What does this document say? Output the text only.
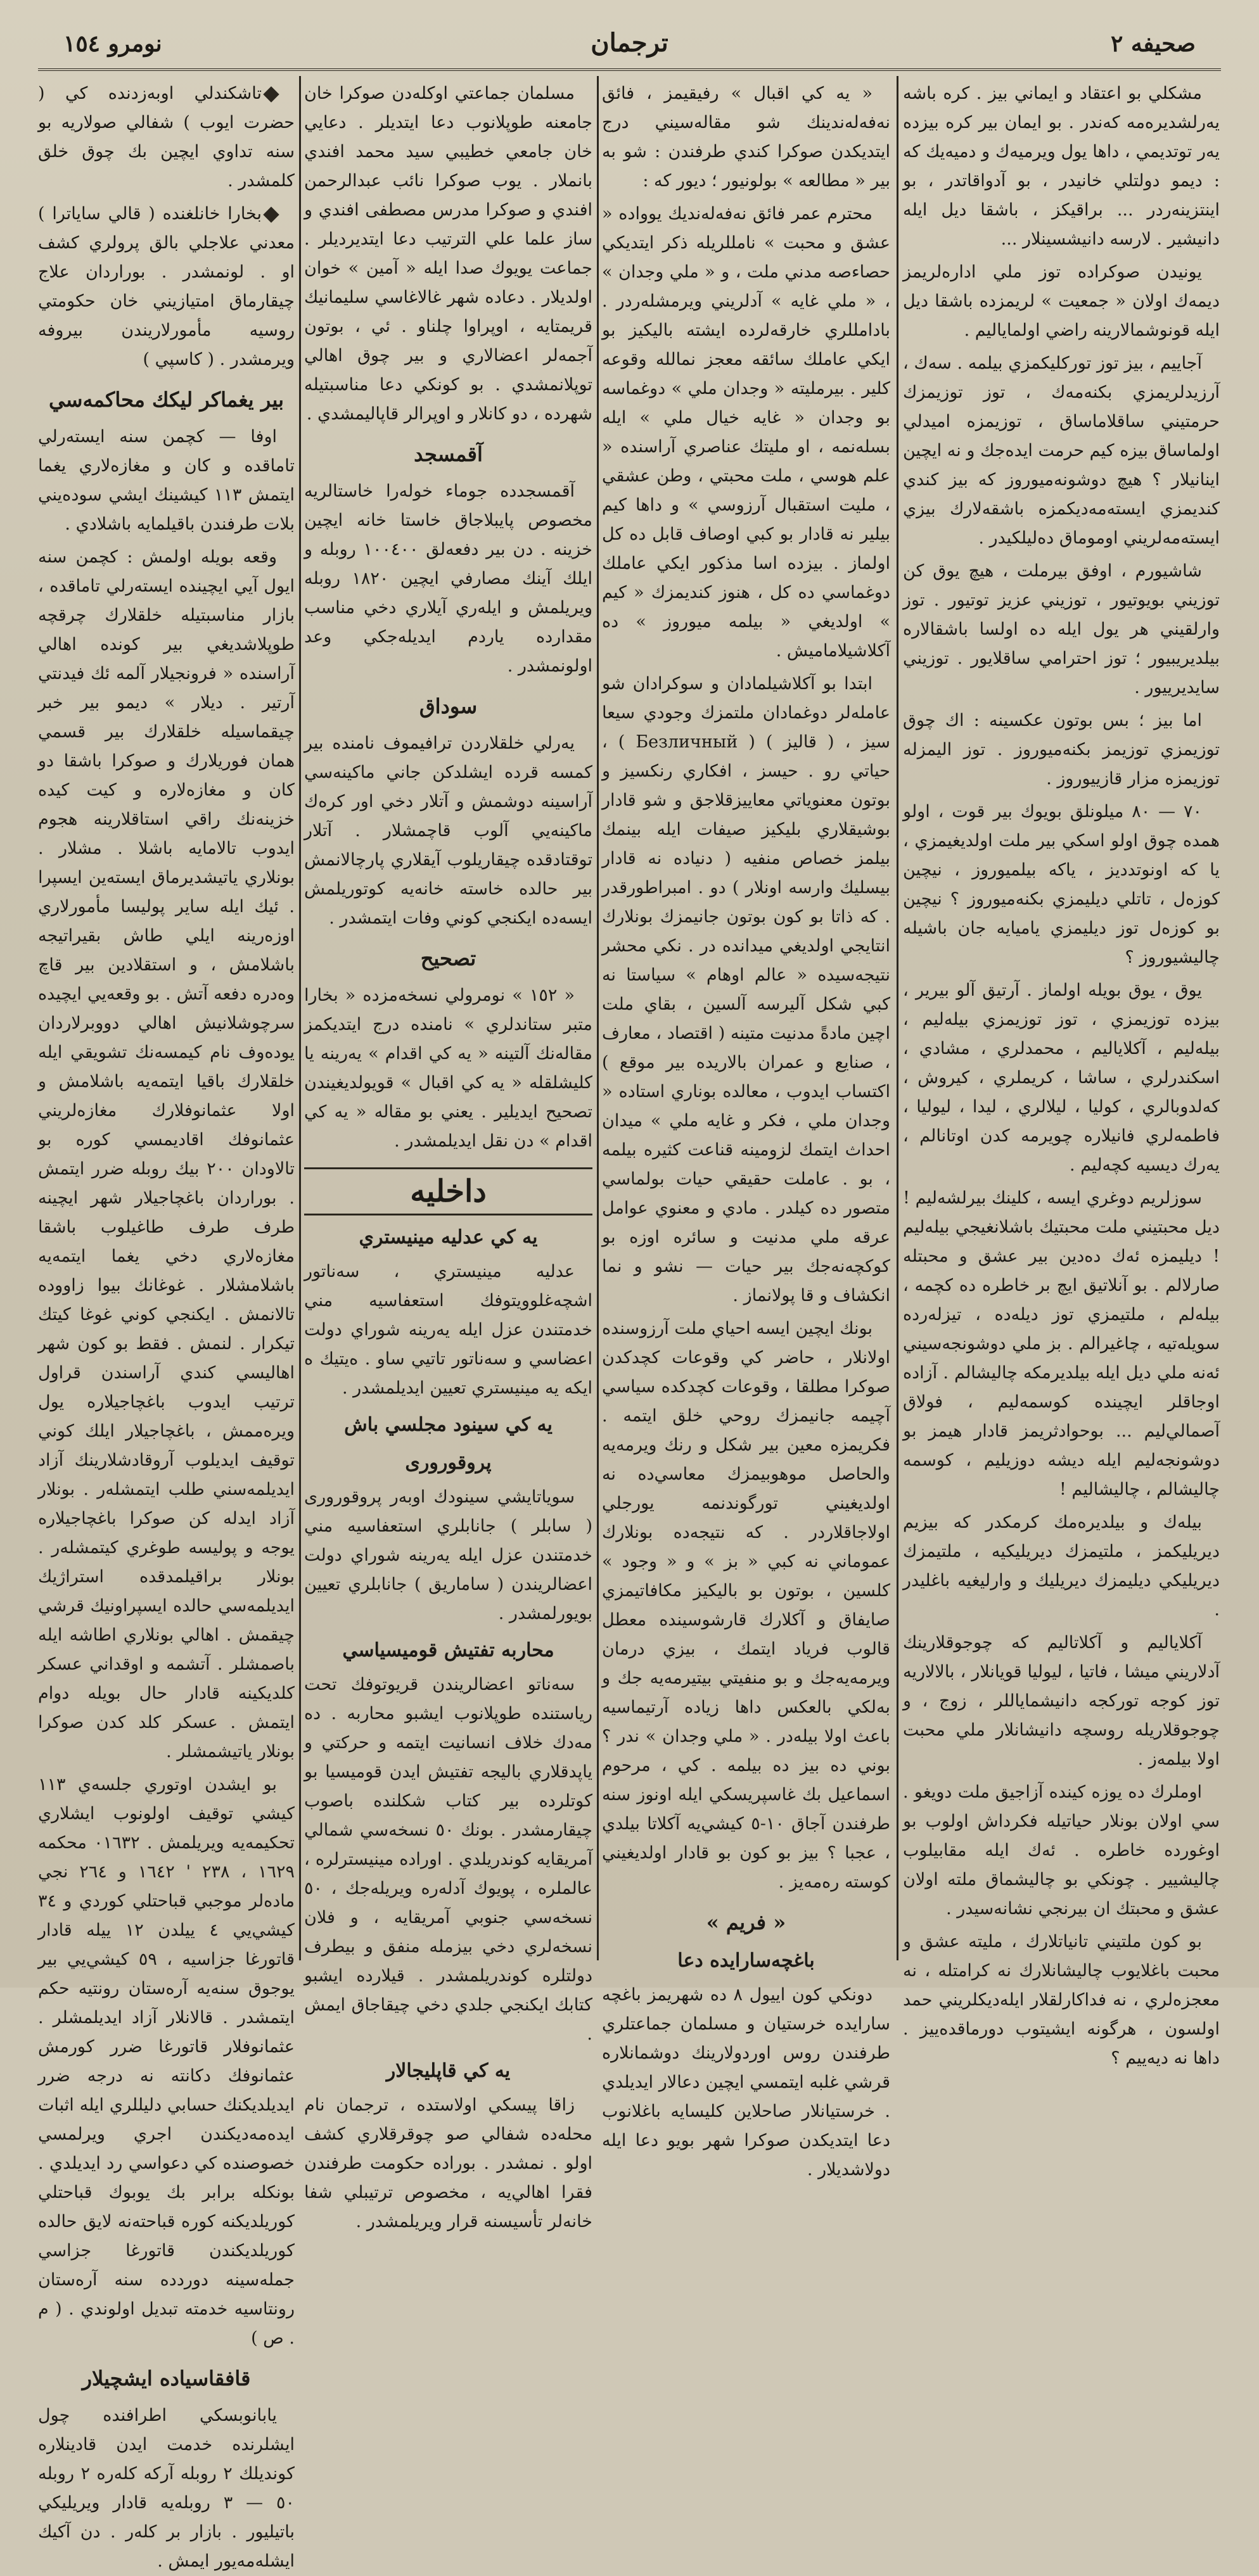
صحيفه ٢
ترجمان
نومرو ١٥٤

مشكلي بو اعتقاد و ايماني بيز . كره باشه يەرلشديرەمه كەندر . بو ايمان بير كره بيزده يەر توتديمي ، داها يول ويرميەك و دميەيك كه : ديمو دولتلي خانيدر ، بو آدواقاتدر ، بو اينتزينەردر ... براقيكز ، باشقا ديل ايله دانيشير . لارسه دانيشسينلار ...

يونيدن صوكراده توز ملي ادارەلريمز ديمەك اولان « جمعيت » لريمزده باشقا ديل ايله قونوشمالارينه راضي اولماياليم .

آجاييم ، بيز توز توركليكمزي بيلمه . سەك ، آرزيدلريمزي بكنەمەك ، توز توزيمزك حرمتيني ساقلاماساق ، توزيمزه اميدلي اولماساق بيزه كيم حرمت ايدەجك و نه ايچين اينانيلار ؟ هيچ دوشونەميوروز كه بيز كندي كنديمزي ايستەمەديكمزه باشقەلارك بيزي ايستەمەلريني اوموماق دەليلكيدر .

شاشيورم ، اوفق بيرملت ، هيچ يوق كن توزيني بويوتيور ، توزيني عزيز توتيور . توز وارلقيني هر يول ايله ده اولسا باشقالاره بيلديريبيور ؛ توز احترامي ساقلايور . توزيني سايديرييور .

اما بيز ؛ بس بوتون عكسينه : اك چوق توزيمزي توزيمز بكنەميوروز . توز اليمزله توزيمزه مزار قازييوروز .

٧٠ — ٨٠ ميلونلق بويوك بير قوت ، اولو همده چوق اولو اسكي بير ملت اولديغيمزي ، يا كه اونوتدديز ، ياكه بيلميوروز ، نيچين كوزەل ، تاتلي ديليمزي بكنەميوروز ؟ نيچين بو كوزەل توز ديليمزي ياميايه جان باشيله چاليشيوروز ؟

يوق ، يوق بويله اولماز . آرتيق آلو بيرير ، بيزده توزيمزي ، توز توزيمزي بيلەليم ، بيلەليم ، آكلاياليم ، محمدلري ، مشادي ، اسكندرلري ، ساشا ، كريملري ، كيروش ، كەلدوبالري ، كوليا ، ليلالري ، ليدا ، ليوليا ، فاطمەلري فانيلاره چويرمه كدن اوتانالم ، يەرك ديسيه كچەليم .

سوزلريم دوغري ايسه ، كلينك بيرلشەليم ! ديل محبتيني ملت محبتيك باشلانغيجي بيلەليم ! ديليمزه ئەك دەدين بير عشق و محبتله صارلالم . بو آنلاتيق ايچ بر خاطره ده كچمه ، بيلەلم ، ملتيمزي توز ديلەده ، تيزلەرده سويلەتيه ، چاغيرالم . بز ملي دوشونجەسيني ئەنه ملي ديل ايله بيلديرمكه چاليشالم . آزاده اوجاقلر ايچينده كوسمەليم ، فولاق آصمالي‌ليم ... بوحوادثريمز قادار هيمز بو دوشونجەليم ايله ديشه دوزيليم ، كوسمه چاليشالم ، چاليشاليم !

بيلەك و بيلديرەمك كرمكدر كه بيزيم ديريليكمز ، ملتيمزك ديريليكيه ، ملتيمزك ديريليكي ديليمزك ديريليك و وارليغيه باغليدر .

آكلاياليم و آكلاتاليم كه چوجوقلارينك آدلاريني ميشا ، فاتيا ، ليوليا قويانلار ، بالالاريه توز كوجه توركجه دانيشماياللر ، زوج ، و چوجوقلاريله روسچه دانيشانلار ملي محبت اولا بيلمەز .

اوملرك ده يوزه كينده آزاجيق ملت دويغو . سي اولان بونلار حياتيله فكرداش اولوب بو اوغورده خاطره . ئەك ايله مقابيلوب چاليشيير . چونكي بو چاليشماق ملته اولان عشق و محبتك ان بيرنجي نشانەسيدر .

بو كون ملتيني تانياتلارك ، مليته عشق و محبت باغلايوب چاليشانلارك نه كرامتله ، نه معجزەلري ، نه فداكارلقلار ايلەديكلريني حمد اولسون ، هرگونه ايشيتوب دورماقدەييز . داها نه ديەييم ؟

« يه كي اقبال » رفيقيمز ، فائق نەفەلەندينك شو مقالەسيني درج ايتديكدن صوكرا كندي طرفندن : شو به بير « مطالعه » بولونيور ؛ ديور كه :

محترم عمر فائق نەفەلەنديك يوواده « عشق و محبت » نامللريله ذكر ايتديكي حصاءصه مدني ملت ، و « ملي وجدان » ، « ملي غايه » آدلريني ويرمشلەردر . بادامللري خارقەلرده ايشته باليكيز بو ايكي عاملك سائقه معجز نمالله وقوعه كلير . بيرمليته « وجدان ملي » دوغماسه بو وجدان « غايه خيال ملي » ايله بسلەنمه ، او مليتك عناصري آراسنده « علم هوسي ، ملت محبتي ، وطن عشقي ، مليت استقبال آرزوسي » و داها كيم بيلير نه قادار بو كبي اوصاف قابل ده كل اولماز . بيزده اسا مذكور ايكي عاملك دوغماسي ده كل ، هنوز كنديمزك « كيم » اولديغي « بيلمه ميوروز » ده آكلاشيلاماميش .

ابتدا بو آكلاشيلمادان و سوكرادان شو عاملەلر دوغمادان ملتمزك وجودي سيعا سيز ، ( قاليز ) ( Безличный ) ، حياتي رو . حيسز ، افكاري رنكسيز و بوتون معنوياتي معاييزقلاجق و شو قادار بوشيقلاري بليكيز صيفات ايله بينمك بيلمز خصاص منفيه ( دنياده نه قادار بيسليك وارسه اونلار ) دو . امبراطورقدر . كه ذاتا بو كون بوتون جانيمزك بونلارك انتايجي اولديغي ميدانده در . نكي محشر نتيجەسيده « عالم اوهام » سياستا نه كبي شكل آليرسه آلسين ، بقاي ملت اچين مادةً مدنيت متينه ( اقتصاد ، معارف ، صنايع و عمران بالاريده بير موقع ) اكتساب ايدوب ، معالده بوناري استاده « وجدان ملي ، فكر و غايه ملي » ميدان احداث ايتمك لزومينه قناعت كثيره بيلمه ، بو . عاملت حقيقي حيات بولماسي متصور ده كيلدر . مادي و معنوي عوامل عرقه ملي مدنيت و سائره اوزه بو كوكچەنەجك بير حيات — نشو و نما انكشاف و قا پولانماز .

بونك ايچين ايسه احياي ملت آرزوسنده اولانلار ، حاضر كي وقوعات كچدكدن صوكرا مطلقا ، وقوعات كچدكده سياسي آچيمه جانيمزك روحي خلق ايتمه . فكريمزه معين بير شكل و رنك ويرمەيه والحاصل موهوبيمزك معاسي‌ده نه اولديغيني تورگوندنمه يورجلي اولاجاقلاردر . كه نتيجەده بونلارك عموماني نه كبي « بز » و « وجود » كلسين ، بوتون بو باليكيز مكافاتيمزي صايفاق و آكلارك قارشوسينده معطل قالوب فرياد ايتمك ، بيزي درمان ويرمەيەجك و بو منفيتي بيتيرمەيه جك و بەلكي بالعكس داها زياده آرتيماسيه باعث اولا بيلەدر . « ملي وجدان » ندر ؟ بوني ده بيز ده بيلمه . كي ، مرحوم اسماعيل بك غاسپريسكي ايله اونوز سنه طرفندن آجاق ١٠-٥ كيشي‌يه آكلاتا بيلدي ، عجبا ؟ بيز بو كون بو قادار اولديغيني كوسته رەمه‌يز .

« فريم »
باغچه‌سارايده دعا

دونكي كون اييول ٨ ده شهريمز باغچه سارايده خرستيان و مسلمان جماعتلري طرفندن روس اوردولارينك دوشمانلارە قرشي غلبه ايتمسي ايچين دعالار ايديلدي . خرستيانلار صاحلاين كليسايه باغلانوب دعا ايتديكدن صوكرا شهر بويو دعا ايله دولاشديلار .

مسلمان جماعتي اوكله‌دن صوكرا خان جامعنه طوپلانوب دعا ايتديلر . دعايي خان جامعي خطيبي سيد محمد افندي بانملار . يوب صوكرا نائب عبدالرحمن افندي و صوكرا مدرس مصطفى افندي و ساز علما علي الترتيب دعا ايتديرديلر . جماعت يويوك صدا ايله « آمين » خوان اولديلار . دعاده شهر غالاغاسي سليمانيك قريمتايه ، اوپراوا چلناو . ئي ، بوتون آجمەلر اعضالاري و بير چوق اهالي توپلانمشدي . بو كونكي دعا مناسبتيله شهرده ، دو كانلار و اوپرالر قاپاليمشدي .

آقمسجد

آقمسجدده جوماء خولەرا خاستالريه مخصوص پايبلاجاق خاستا خانه ايچين خزينه . دن بير دفعەلق ١٠٠٤٠٠ روبله و ايلك آينك مصارفي ايچين ١٨٢٠ روبله ويريلمش و ايلەري آيلاري دخي مناسب مقدارده ياردم ايديلەجكي وعد اولونمشدر .

سوداق

يەرلي خلقلاردن ترافيموف نامنده بير كمسه قرده ايشلدكن جاني ماكينه‌سي آراسينه دوشمش و آتلار دخي اور كرەك ماكينه‌يي آلوب قاچمشلار . آتلار توقتادقده چيقاريلوب آيقلاري پارچالانمش بير حالده خاسته خانه‌يه كوتوريلمش ايسه‌ده ايكنجي كوني وفات ايتمشدر .

تصحيح

« ١٥٢ » نومرولي نسخه‌مزده « بخارا متبر ستاندلري » نامنده درج ايتديكمز مقاله‌نك آلتينه « يه كي اقدام » يەرينه يا كليشلقله « يه كي اقبال » قويولديغيندن تصحيح ايديلير . يعني بو مقاله « يه كي اقدام » دن نقل ايديلمشدر .

داخليه
يه كي عدليه مينيستري

عدليه مينيستري ، سەناتور اشچەغلوويتوفك استعفاسيه مني خدمتندن عزل ايله يەرينه شوراي دولت اعضاسي و سەناتور تاتيي ساو . ه‌يتيك ه ايكه يە مينيستري تعيين ايديلمشدر .

يه كي سينود مجلسي باش
پروقورورى

سوياتايشي سينودك اوبەر پروقورورى ( سابلر ) جانابلري استعفاسيه مني خدمتندن عزل ايله يەرينه شوراي دولت اعضالريندن ( ساماريق ) جانابلري تعيين بويورلمشدر .

محاربه تفتيش قوميسياسي

سەناتو اعضالريندن قريوتوفك تحت رياستنده طوپلانوب ايشبو محاربه . ده مەدك خلاف انسانيت ايتمه و حركتي و ياپدقلاري باليجه تفتيش ايدن قوميسيا بو كوتلرده بير كتاب شكلنده باصوب چيقارمشدر . بونك ٥٠ نسخه‌سي شمالي آمريقايه كوندريلدي . اوراده مينيسترلره ، عالملره ، پويوك آدلەره ويريلەجك ، ٥٠ نسخه‌سي جنوبي آمريقايه ، و فلان نسخه‌لري دخي بيزمله منفق و بيطرف دولتلره كوندريلمشدر . قيلارده ايشبو كتابك ايكنجي جلدي دخي چيقاجاق ايمش .

يه كي قاپليجالار

زاقا پيسكي اولاستده ، ترجمان نام محله‌ده شفالي صو چوقرقلاري كشف اولو . نمشدر . بوراده حكومت طرفندن فقرا اهالي‌يه ، مخصوص ترتيبلي شفا خانه‌لر تأسيسنه قرار ويريلمشدر .

تاشكندلي اوبەزدنده كي ( حضرت ايوب ) شفالي صولاريه بو سنه تداوي ايچين بك چوق خلق كلمشدر .

بخارا خانلغنده ( قالي ساياترا ) معدني علاجلي بالق پرولري كشف او . لونمشدر . بوراردان علاج چيقارماق امتيازيني خان حكومتي روسيه مأمورلاريندن بيروفه ويرمشدر . ( كاسپي )

بير يغماكر ليكك محاكمه‌سي

اوفا — كچمن سنه ايستەرلي تاماقده و كان و مغازەلاري يغما ايتمش ١١٣ كيشينك ايشي سودەيني بلات طرفندن باقيلمايه باشلادي .

وقعه بويله اولمش : كچمن سنه ايول آيي ايچينده ايستەرلي تاماقده ، بازار مناسبتيله خلقلارك چرقچه طوپلاشديغي بير كونده اهالي آراسنده « فرونجيلار آلمه ئك فيدنتي آرتير . ديلار » ديمو بير خبر چيقماسيله خلقلارك بير قسمي همان فوريلارك و صوكرا باشقا دو كان و مغازەلاره و كيت كيده خزينه‌نك راقي استاقلارينه هجوم ايدوب تالامايه باشلا . مشلار . بونلاري ياتيشديرماق ايسته‌ين ايسپرا . ئيك ايله ساير پوليسا مأمورلاري اوزەرينه ايلي طاش بقيراتيجه باشلامش ، و استقلادين بير قاچ وەدرە دفعه آتش . بو وقعه‌يي ايچيده سرچوشلانيش اهالي دووبرلاردان يودەوف نام كيمسەنك تشويقي ايله خلقلارك باقيا ايتمه‌يه باشلامش و اولا عثمانوفلارك مغازەلريني عثمانوفك اقاديمسي كورە بو تالاودان ٢٠٠ بيك روبله ضرر ايتمش . بوراردان باغچاجيلار شهر ايچينه طرف طرف طاغيلوب باشقا مغازەلاري دخي يغما ايتمه‌يه باشلامشلار . غوغانك بيوا زاووده تالانمش . ايكنجي كوني غوغا كيتك تيكرار . لنمش . فقط بو كون شهر اهاليسي كندي آراسندن قراول ترتيب ايدوب باغچاجيلاره يول ويرەممش ، باغچاجيلار ايلك كوني توقيف ايديلوب آروقادشلارينك آزاد ايديلمه‌سني طلب ايتمشلەر . بونلار آزاد ايدله كن صوكرا باغچاجيلاره يوجه و پوليسه طوغري كيتمشلەر . بونلار براقيلمدقده استراژيك ايديلمه‌سي حالده ايسپراونيك قرشي چيقمش . اهالي بونلاري اطاشه ايله باصمشلر . آتشمه و اوقداني عسكر كلديكينه قادار حال بويله دوام ايتمش . عسكر كلد كدن صوكرا بونلار ياتيشمشلر .

بو ايشدن اوتوري جلسه‌ي ١١٣ كيشي توقيف اولونوب ايشلاري تحكيمه‌يه ويريلمش . ٠١٦٣٢ محكمه ١٦٢٩ ، ٢٣٨ ' ١٦٤٢ و ٢٦٤ نجي ماده‌لر موجبي قباحتلي كوردي و ٣٤ كيشي‌يي ٤ ييلدن ١٢ ييله قادار قاتورغا جزاسيه ، ٥٩ كيشي‌يي بير يوجوق سنه‌يه آرەستان رونتيه حكم ايتمشدر . قالانلار آزاد ايديلمشلر . عثمانوفلار قاتورغا ضرر كورمش عثمانوفك دكانته نه درجه ضرر ايديلديكنك حسابي دليللري ايله اثبات ايدەمه‌ديكندن اجري ويرلمسي خصوصنده كي دعواسي رد ايديلدي . بونكله برابر بك يوبوك قباحتلي كوريلديكنه كوره قباحته‌نه لايق حالده كوريلديكندن قاتورغا جزاسي جمله‌سينه دوردده سنه آرەستان رونتاسيه خدمته تبديل اولوندي . ( م . ص )

قافقاسياده ايشچيلار

يابانوبسكي اطرافنده چول ايشلرنده خدمت ايدن قادينلاره كونديلك ٢ روبله آركه كلەره ٢ روبله ٥٠ — ٣ روبله‌يه قادار ويريليكي باتيليور . بازار بر كلەر . دن آكيك ايشلەمه‌يور ايمش .
